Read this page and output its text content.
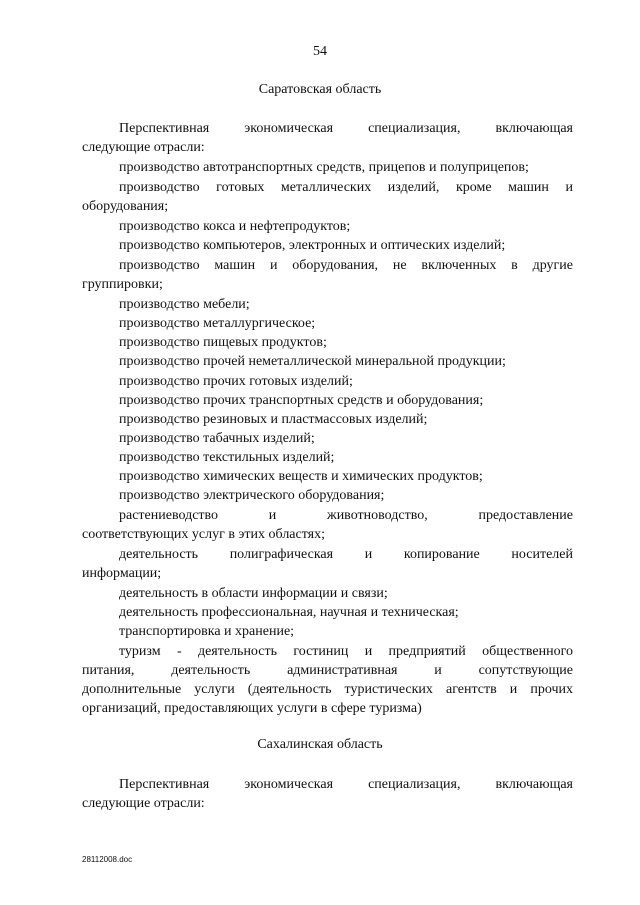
54
Саратовская область
Перспективная экономическая специализация, включающая
следующие отрасли:
производство автотранспортных средств, прицепов и полуприцепов;
производство готовых металлических изделий, кроме машин и
оборудования;
производство кокса и нефтепродуктов;
производство компьютеров, электронных и оптических изделий;
производство машин и оборудования, не включенных в другие
группировки;
производство мебели;
производство металлургическое;
производство пищевых продуктов;
производство прочей неметаллической минеральной продукции;
производство прочих готовых изделий;
производство прочих транспортных средств и оборудования;
производство резиновых и пластмассовых изделий;
производство табачных изделий;
производство текстильных изделий;
производство химических веществ и химических продуктов;
производство электрического оборудования;
растениеводство и животноводство, предоставление
соответствующих услуг в этих областях;
деятельность полиграфическая и копирование носителей
информации;
деятельность в области информации и связи;
деятельность профессиональная, научная и техническая;
транспортировка и хранение;
туризм - деятельность гостиниц и предприятий общественного
питания, деятельность административная и сопутствующие
дополнительные услуги (деятельность туристических агентств и прочих
организаций, предоставляющих услуги в сфере туризма)
Сахалинская область
Перспективная экономическая специализация, включающая
следующие отрасли:
28112008.doc
